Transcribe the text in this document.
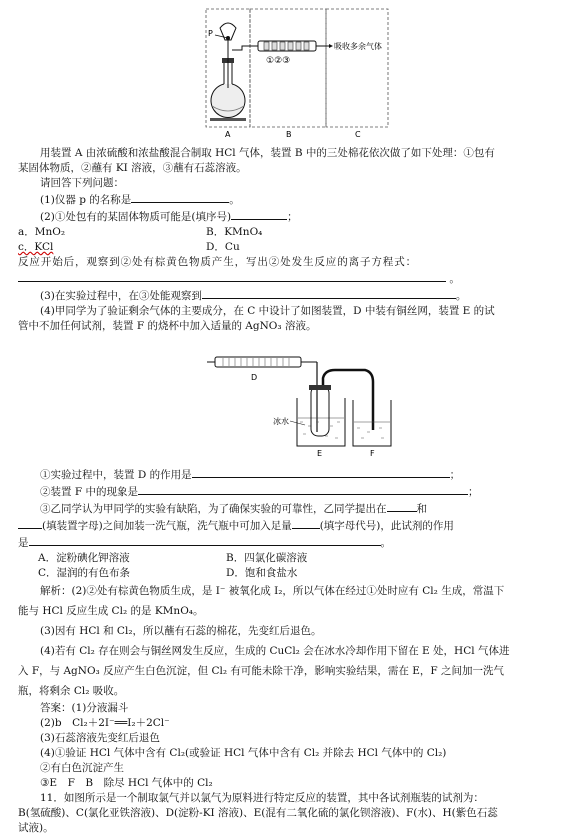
P
①②③
吸收多余气体
A	B	C

用装置 A 由浓硫酸和浓盐酸混合制取 HCl 气体，装置 B 中的三处棉花依次做了如下处理：①包有

某固体物质，②蘸有 KI 溶液，③蘸有石蕊溶液。

请回答下列问题：

(1)仪器 p 的名称是	。

(2)①处包有的某固体物质可能是(填序号)	；

a．MnO₂	B．KMnO₄
c．KCl	D．Cu

反应开始后，观察到②处有棕黄色物质产生，写出②处发生反应的离子方程式：

。

(3)在实验过程中，在③处能观察到	。

(4)甲同学为了验证剩余气体的主要成分，在 C 中设计了如图装置，D 中装有铜丝网，装置 E 的试

管中不加任何试剂，装置 F 的烧杯中加入适量的 AgNO₃ 溶液。

D
冰水
E	F

①实验过程中，装置 D 的作用是	；

②装置 F 中的现象是	；

③乙同学认为甲同学的实验有缺陷，为了确保实验的可靠性，乙同学提出在	和

(填装置字母)之间加装一洗气瓶，洗气瓶中可加入足量	(填字母代号)，此试剂的作用

是	。

A．淀粉碘化钾溶液	B．四氯化碳溶液
C．湿润的有色布条	D．饱和食盐水

解析：(2)②处有棕黄色物质生成，是 I⁻ 被氧化成 I₂，所以气体在经过①处时应有 Cl₂ 生成，常温下

能与 HCl 反应生成 Cl₂ 的是 KMnO₄。

(3)因有 HCl 和 Cl₂，所以蘸有石蕊的棉花，先变红后退色。

(4)若有 Cl₂ 存在则会与铜丝网发生反应，生成的 CuCl₂ 会在冰水冷却作用下留在 E 处，HCl 气体进

入 F，与 AgNO₃ 反应产生白色沉淀，但 Cl₂ 有可能未除干净，影响实验结果，需在 E，F 之间加一洗气

瓶，将剩余 Cl₂ 吸收。

答案：(1)分液漏斗

(2)b　Cl₂＋2I⁻══I₂＋2Cl⁻

(3)石蕊溶液先变红后退色

(4)①验证 HCl 气体中含有 Cl₂(或验证 HCl 气体中含有 Cl₂ 并除去 HCl 气体中的 Cl₂)

②有白色沉淀产生

③E　F　B　除尽 HCl 气体中的 Cl₂

11．如图所示是一个制取氯气并以氯气为原料进行特定反应的装置，其中各试剂瓶装的试剂为：

B(氢硫酸)、C(氯化亚铁溶液)、D(淀粉-KI 溶液)、E(混有二氧化硫的氯化钡溶液)、F(水)、H(紫色石蕊

试液)。
